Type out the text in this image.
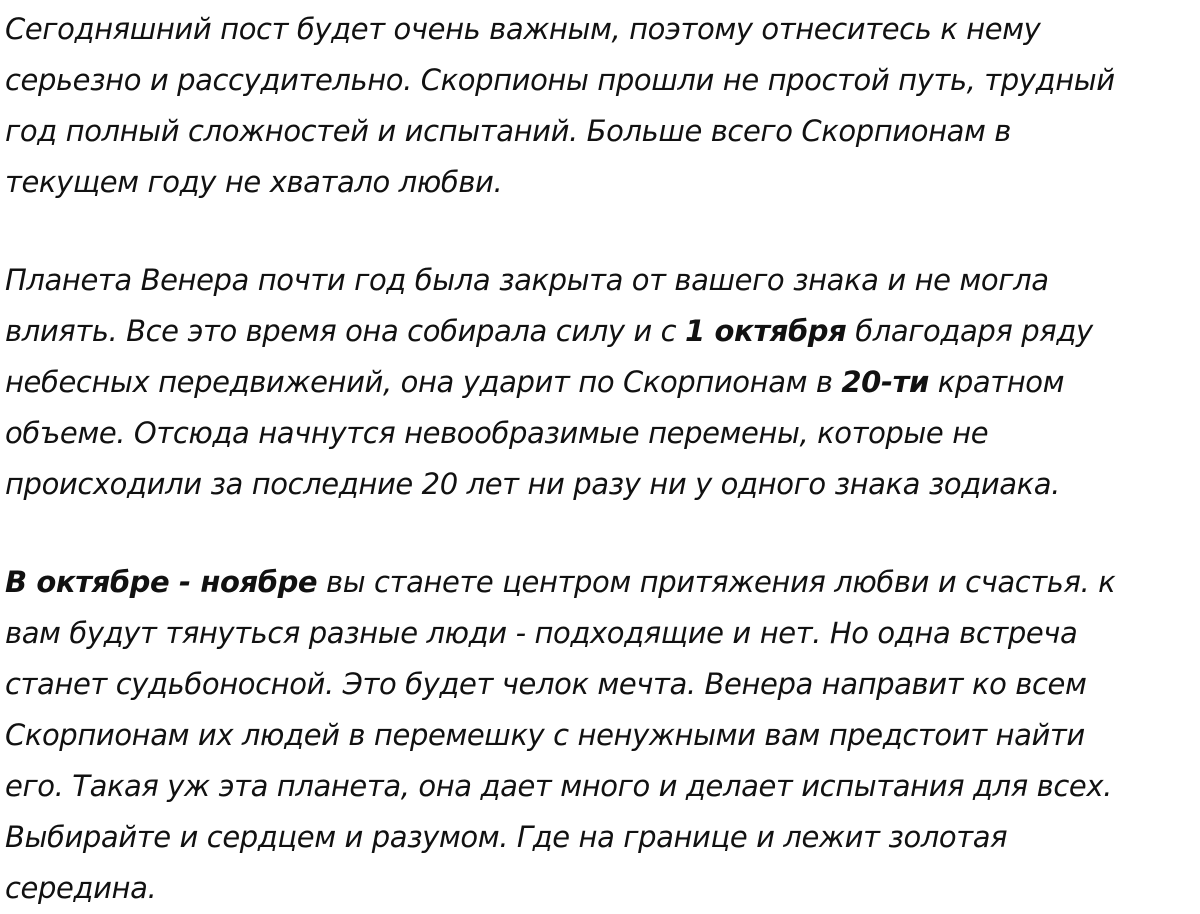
Сегодняшний пост будет очень важным, поэтому отнеситесь к нему
серьезно и рассудительно. Скорпионы прошли не простой путь, трудный
год полный сложностей и испытаний. Больше всего Скорпионам в
текущем году не хватало любви.

Планета Венера почти год была закрыта от вашего знака и не могла
влиять. Все это время она собирала силу и с 1 октября благодаря ряду
небесных передвижений, она ударит по Скорпионам в 20-ти кратном
объеме. Отсюда начнутся невообразимые перемены, которые не
происходили за последние 20 лет ни разу ни у одного знака зодиака.

В октябре - ноябре вы станете центром притяжения любви и счастья. к
вам будут тянуться разные люди - подходящие и нет. Но одна встреча
станет судьбоносной. Это будет челок мечта. Венера направит ко всем
Скорпионам их людей в перемешку с ненужными вам предстоит найти
его. Такая уж эта планета, она дает много и делает испытания для всех.
Выбирайте и сердцем и разумом. Где на границе и лежит золотая
середина.
